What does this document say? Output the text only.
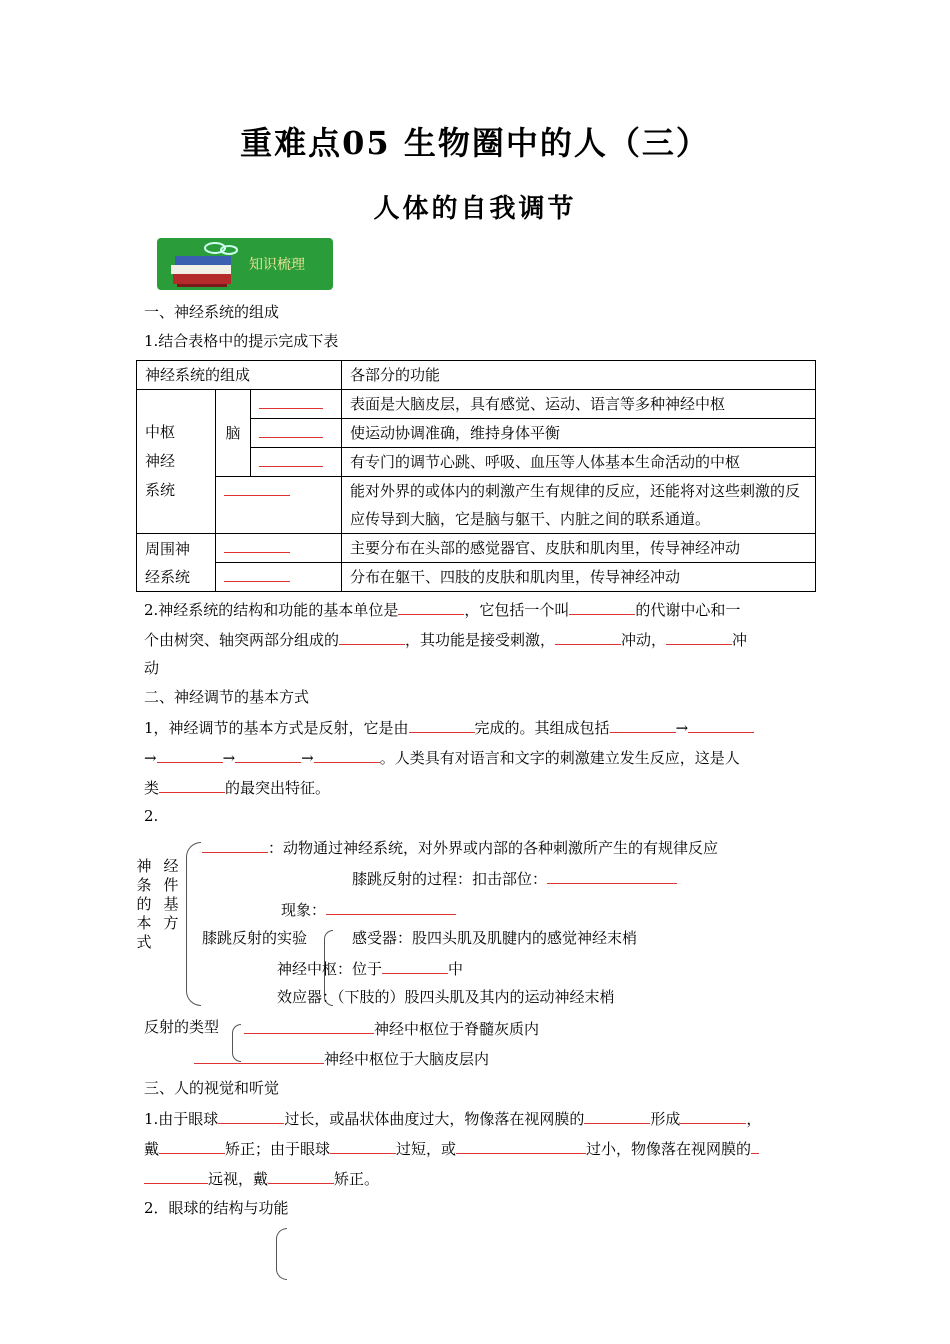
重难点05 生物圈中的人（三）
人体的自我调节
知识梳理
一、神经系统的组成
1.结合表格中的提示完成下表
神经系统的组成			各部分的功能
中枢
神经
系统	脑		表面是大脑皮层，具有感觉、运动、语言等多种神经中枢
			使运动协调准确，维持身体平衡
			有专门的调节心跳、呼吸、血压等人体基本生命活动的中枢
			能对外界的或体内的刺激产生有规律的反应，还能将对这些刺激的反应传导到大脑，它是脑与躯干、内脏之间的联系通道。

周围神
经系统			主要分布在头部的感觉器官、皮肤和肌肉里，传导神经冲动
			分布在躯干、四肢的皮肤和肌肉里，传导神经冲动
2.神经系统的结构和功能的基本单位是	，它包括一个叫	的代谢中心和一
个由树突、轴突两部分组成的	，其功能是接受刺激，	冲动，	冲
动
二、神经调节的基本方式
1，神经调节的基本方式是反射，它是由	完成的。其组成包括	→
→	→	→	。人类具有对语言和文字的刺激建立发生反应，这是人
类	的最突出特征。
2.
神
条
的
本
式
经
件
基
方
：动物通过神经系统，对外界或内部的各种刺激所产生的有规律反应
膝跳反射的过程：扣击部位：
现象：
膝跳反射的实验	感受器：股四头肌及肌腱内的感觉神经末梢
神经中枢：位于	中
效应器：（下肢的）股四头肌及其内的运动神经末梢
反射的类型	神经中枢位于脊髓灰质内
神经中枢位于大脑皮层内
三、人的视觉和听觉
1.由于眼球	过长，或晶状体曲度过大，物像落在视网膜的	形成	，
戴	矫正；由于眼球	过短，或	过小，物像落在视网膜的
远视，戴	矫正。
2．眼球的结构与功能
